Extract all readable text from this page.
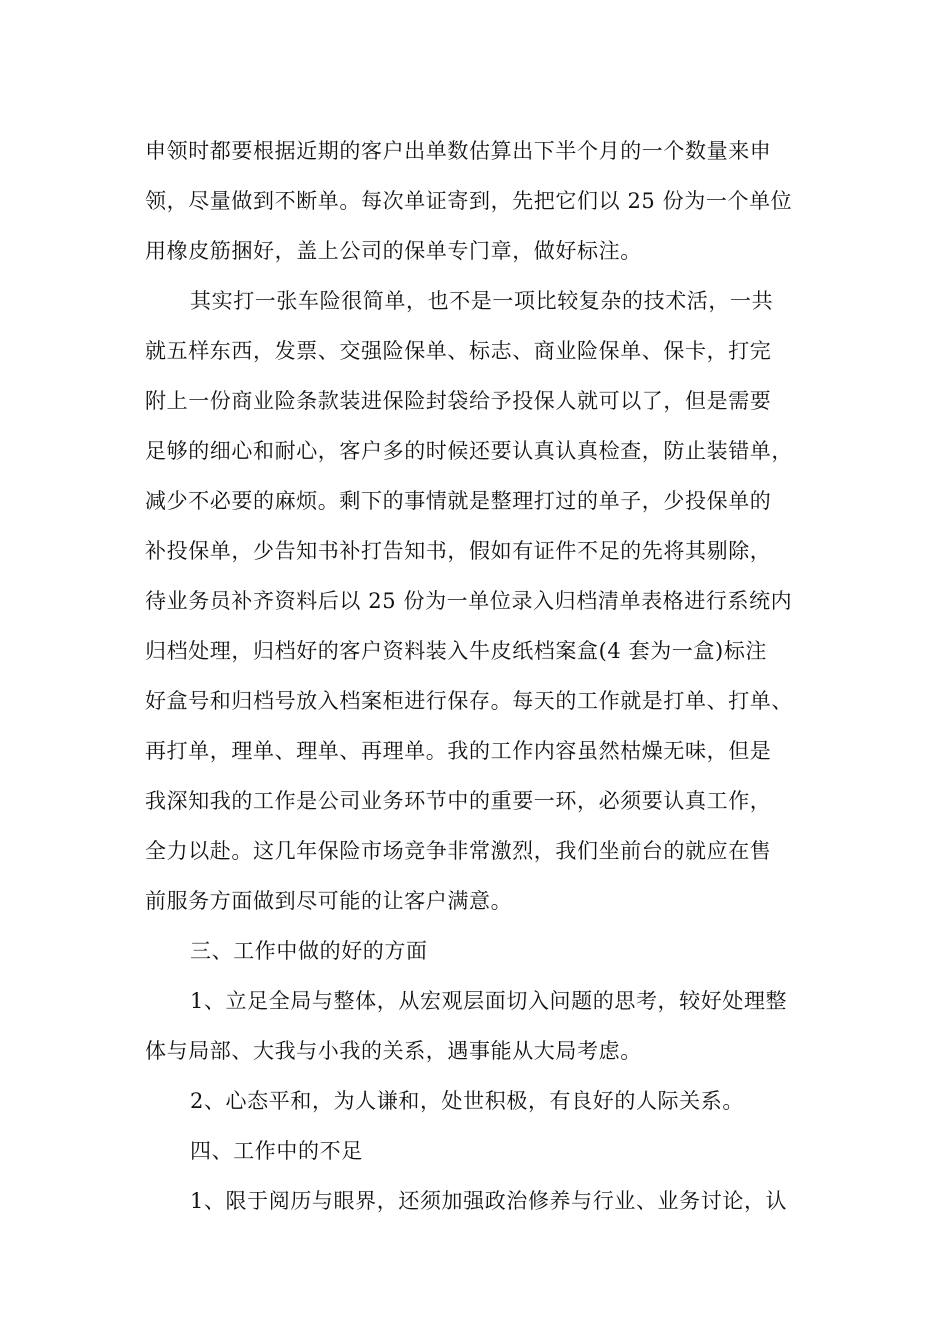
申领时都要根据近期的客户出单数估算出下半个月的一个数量来申
领，尽量做到不断单。每次单证寄到，先把它们以 25 份为一个单位
用橡皮筋捆好，盖上公司的保单专门章，做好标注。
其实打一张车险很简单，也不是一项比较复杂的技术活，一共
就五样东西，发票、交强险保单、标志、商业险保单、保卡，打完
附上一份商业险条款装进保险封袋给予投保人就可以了，但是需要
足够的细心和耐心，客户多的时候还要认真认真检查，防止装错单，
减少不必要的麻烦。剩下的事情就是整理打过的单子，少投保单的
补投保单，少告知书补打告知书，假如有证件不足的先将其剔除，
待业务员补齐资料后以 25 份为一单位录入归档清单表格进行系统内
归档处理，归档好的客户资料装入牛皮纸档案盒(4 套为一盒)标注
好盒号和归档号放入档案柜进行保存。每天的工作就是打单、打单、
再打单，理单、理单、再理单。我的工作内容虽然枯燥无味，但是
我深知我的工作是公司业务环节中的重要一环，必须要认真工作，
全力以赴。这几年保险市场竞争非常激烈，我们坐前台的就应在售
前服务方面做到尽可能的让客户满意。
三、工作中做的好的方面
1、立足全局与整体，从宏观层面切入问题的思考，较好处理整
体与局部、大我与小我的关系，遇事能从大局考虑。
2、心态平和，为人谦和，处世积极，有良好的人际关系。
四、工作中的不足
1、限于阅历与眼界，还须加强政治修养与行业、业务讨论，认
